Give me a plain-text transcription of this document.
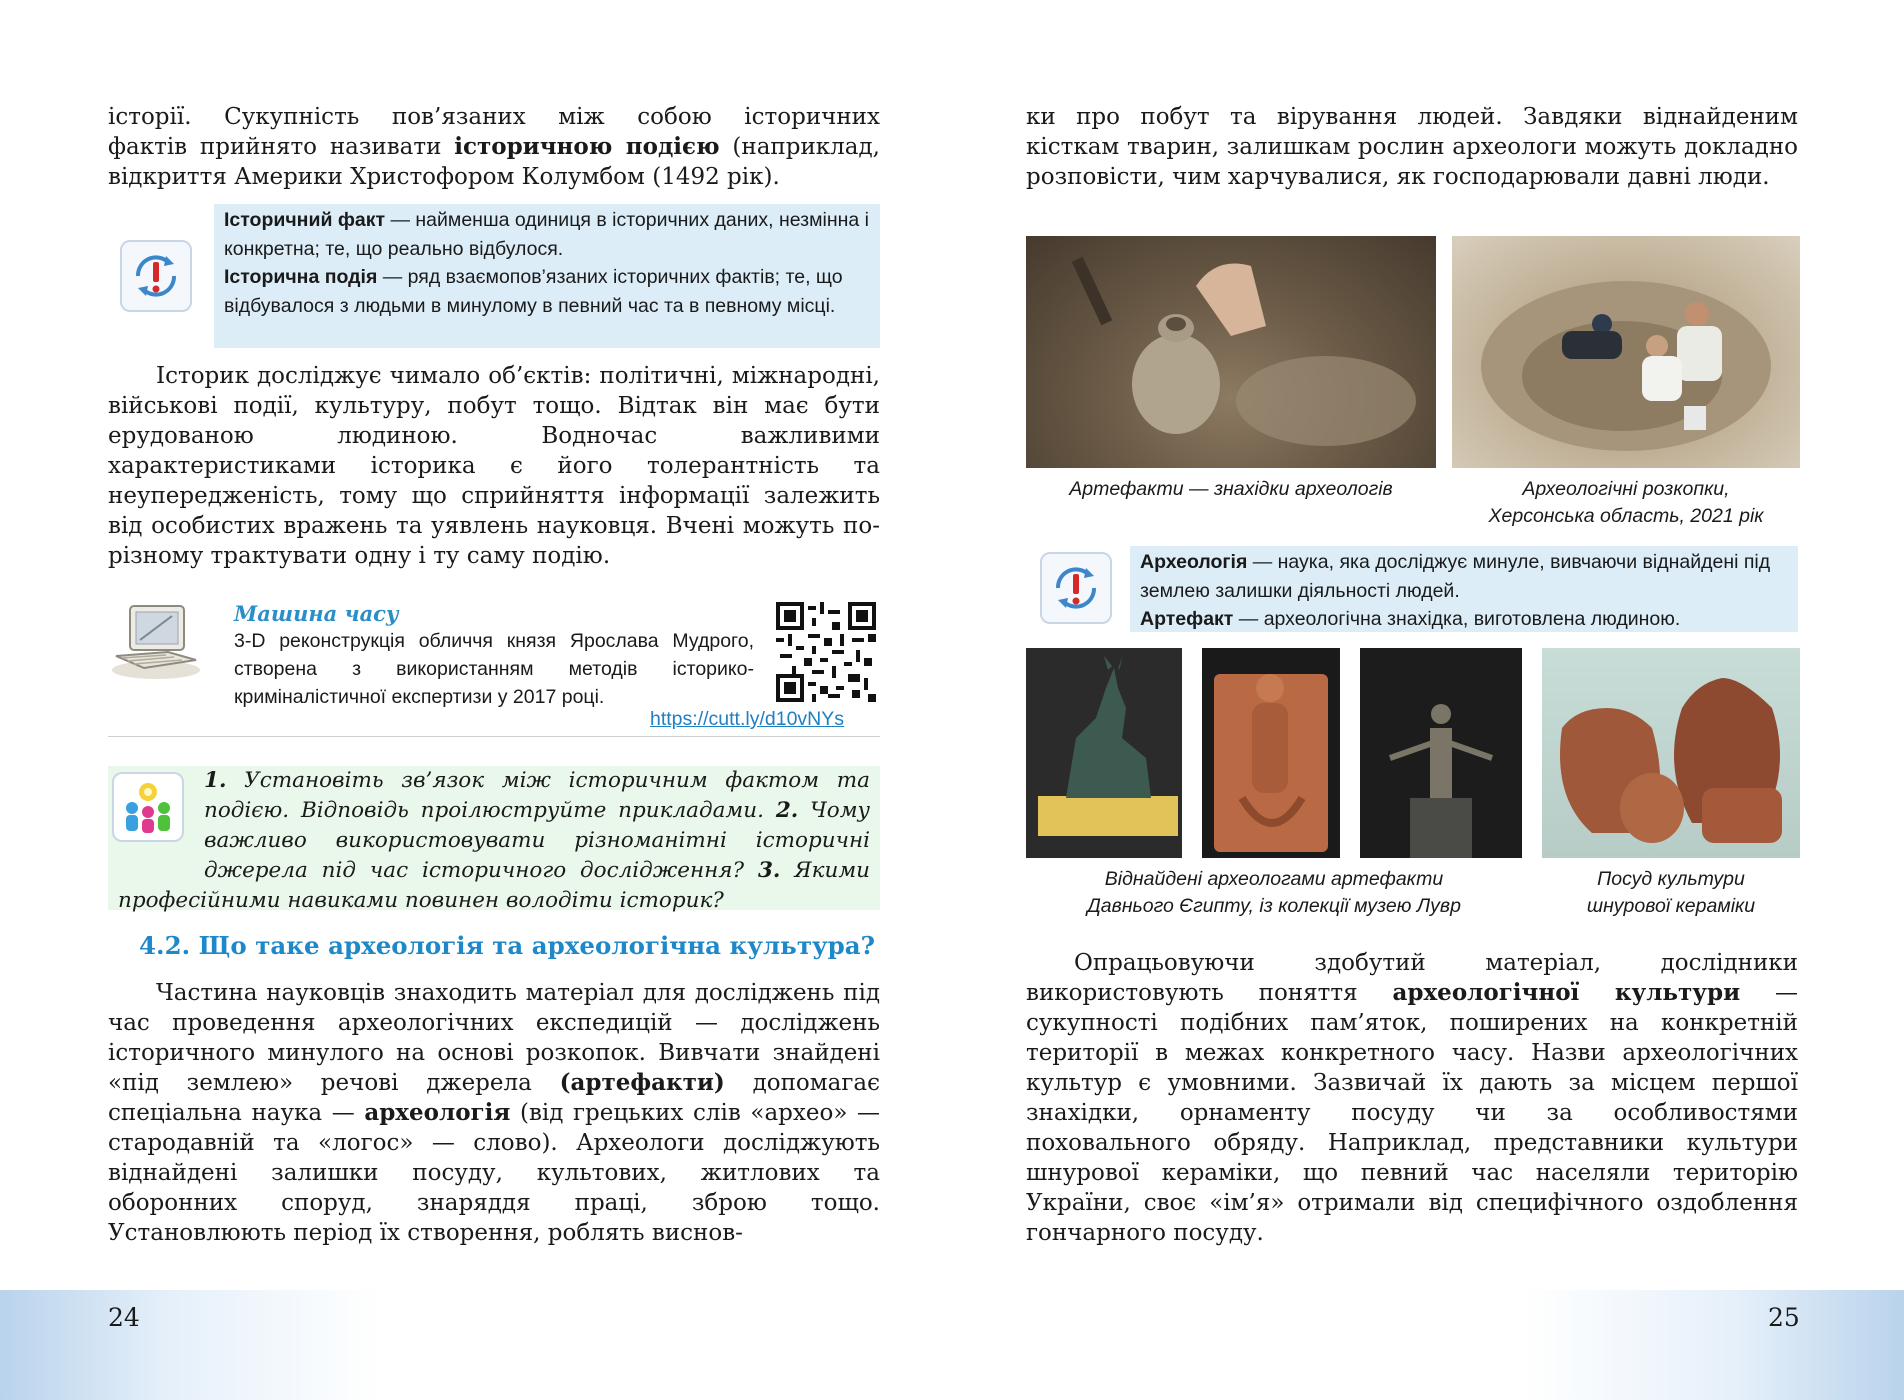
історії. Сукупність пов’язаних між собою історичних

фактів прийнято називати історичною подією (наприклад,

відкриття Америки Христофором Колумбом (1492 рік).

Історичний факт — найменша одиниця в історичних даних, незмінна і конкретна; те, що реально відбулося.

Історична подія — ряд взаємопов’язаних історичних фактів; те, що відбувалося з людьми в минулому в певний час та в певному місці.

Історик досліджує чимало об’єктів: політичні, міжнародні, військові події, культуру, побут тощо. Відтак він має бути ерудованою людиною. Водночас важливими характеристиками історика є його толерантність та неупередженість, тому що сприйняття інформації залежить від особистих вражень та уявлень науковця. Вчені можуть по-різному трактувати одну і ту саму подію.

Машина часу
3-D реконструкція обличчя князя Ярослава Мудрого, створена з використанням методів історико-криміналістичної експертизи у 2017 році.
https://cutt.ly/d10vNYs
1. Установіть зв’язок між історичним фактом та подією. Відповідь проілюструйте прикладами. 2. Чому важливо використовувати різноманітні історичні джерела під час історичного дослідження? 3. Якими професійними навиками повинен володіти історик?
4.2. Що таке археологія та археологічна культура?

Частина науковців знаходить матеріал для досліджень під час проведення археологічних експедицій — досліджень історичного минулого на основі розкопок. Вивчати знайдені «під землею» речові джерела (артефакти) допомагає спеціальна наука — археологія (від грецьких слів «археo» — стародавній та «логос» — слово). Археологи досліджують віднайдені залишки посуду, культових, житлових та оборонних споруд, знаряддя праці, зброю тощо. Установлюють період їх створення, роблять виснов-

24

ки про побут та вірування людей. Завдяки віднайденим кісткам тварин, залишкам рослин археологи можуть докладно розповісти, чим харчувалися, як господарювали давні люди.

Артефакти — знахідки археологів	Археологічні розкопки,
Херсонська область, 2021 рік

Археологія — наука, яка досліджує минуле, вивчаючи віднайдені під землею залишки діяльності людей.

Артефакт — археологічна знахідка, виготовлена людиною.

Віднайдені археологами артефакти
Давнього Єгипту, із колекції музею Лувр
Посуд культури
шнурової кераміки

Опрацьовуючи здобутий матеріал, дослідники використовують поняття археологічної культури — сукупності подібних пам’яток, поширених на конкретній території в межах конкретного часу. Назви археологічних культур є умовними. Зазвичай їх дають за місцем першої знахідки, орнаменту посуду чи за особливостями поховального обряду. Наприклад, представники культури шнурової кераміки, що певний час населяли територію України, своє «ім’я» отримали від специфічного оздоблення гончарного посуду.

25
